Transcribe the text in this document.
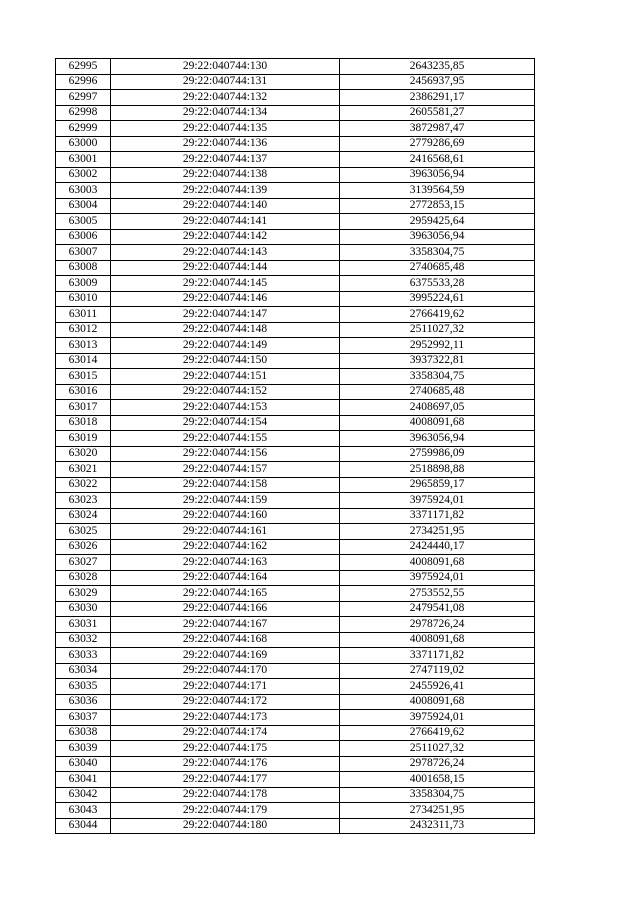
62995	29:22:040744:130	2643235,85
62996	29:22:040744:131	2456937,95
62997	29:22:040744:132	2386291,17
62998	29:22:040744:134	2605581,27
62999	29:22:040744:135	3872987,47
63000	29:22:040744:136	2779286,69
63001	29:22:040744:137	2416568,61
63002	29:22:040744:138	3963056,94
63003	29:22:040744:139	3139564,59
63004	29:22:040744:140	2772853,15
63005	29:22:040744:141	2959425,64
63006	29:22:040744:142	3963056,94
63007	29:22:040744:143	3358304,75
63008	29:22:040744:144	2740685,48
63009	29:22:040744:145	6375533,28
63010	29:22:040744:146	3995224,61
63011	29:22:040744:147	2766419,62
63012	29:22:040744:148	2511027,32
63013	29:22:040744:149	2952992,11
63014	29:22:040744:150	3937322,81
63015	29:22:040744:151	3358304,75
63016	29:22:040744:152	2740685,48
63017	29:22:040744:153	2408697,05
63018	29:22:040744:154	4008091,68
63019	29:22:040744:155	3963056,94
63020	29:22:040744:156	2759986,09
63021	29:22:040744:157	2518898,88
63022	29:22:040744:158	2965859,17
63023	29:22:040744:159	3975924,01
63024	29:22:040744:160	3371171,82
63025	29:22:040744:161	2734251,95
63026	29:22:040744:162	2424440,17
63027	29:22:040744:163	4008091,68
63028	29:22:040744:164	3975924,01
63029	29:22:040744:165	2753552,55
63030	29:22:040744:166	2479541,08
63031	29:22:040744:167	2978726,24
63032	29:22:040744:168	4008091,68
63033	29:22:040744:169	3371171,82
63034	29:22:040744:170	2747119,02
63035	29:22:040744:171	2455926,41
63036	29:22:040744:172	4008091,68
63037	29:22:040744:173	3975924,01
63038	29:22:040744:174	2766419,62
63039	29:22:040744:175	2511027,32
63040	29:22:040744:176	2978726,24
63041	29:22:040744:177	4001658,15
63042	29:22:040744:178	3358304,75
63043	29:22:040744:179	2734251,95
63044	29:22:040744:180	2432311,73
